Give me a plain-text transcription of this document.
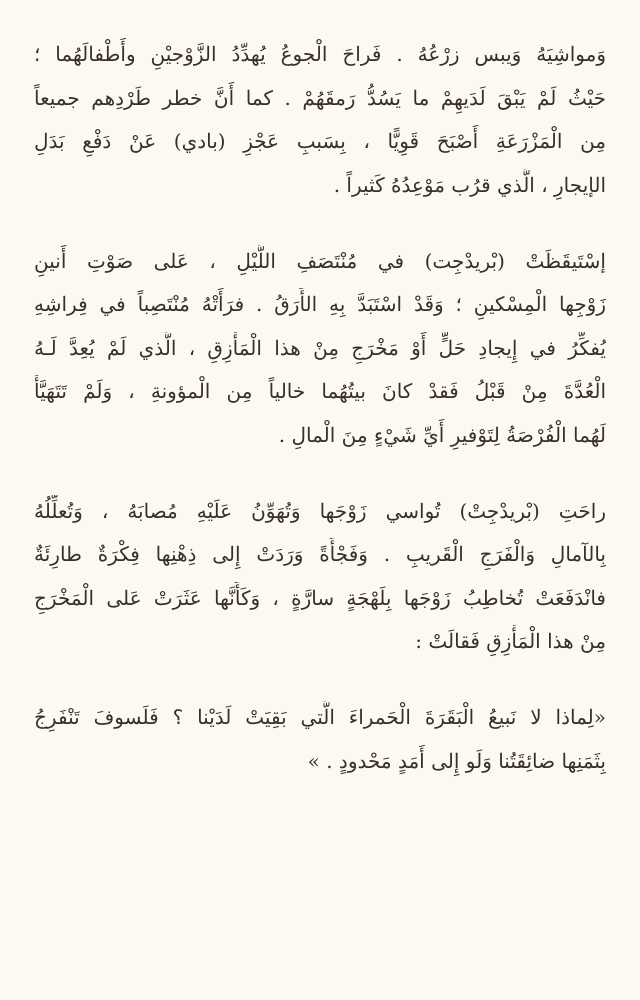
وَمواشِيَهُ وَيبس زرْعُهُ . فَراحَ الْجوعُ يُهدِّدُ الزَّوْجيْنِ وأَطْفالَهُما ؛
حَيْثُ لَمْ يَبْقَ لَدَيهِمْ ما يَسُدُّ رَمقَهُمْ . كما أَنَّ خطر طَرْدِهم جميعاً
مِن الْمَزْرَعَةِ أَصْبَحَ قَوِيًّا ، بِسَببِ عَجْزِ (بادي) عَنْ دَفْعِ بَدَلِ
الإيجارِ ، الَّذي قرُب مَوْعِدُهُ كَثيراً .
إسْتَيقَظَتْ (بْريدْجِت) في مُنْتَصَفِ اللَّيْلِ ، عَلى صَوْتِ أَنينِ
زَوْجِها الْمِسْكينِ ؛ وَقَدْ اسْتَبَدَّ بِهِ الأَرَقُ . فرَأَتْهُ مُنْتَصِباً في فِراشِهِ
يُفكِّرُ في إِيجادِ حَلٍّ أَوْ مَخْرَجٍ مِنْ هذا الْمَأْزِقِ ، الَّذي لَمْ يُعِدَّ لَـهُ
الْعُدَّةَ مِنْ قَبْلُ فَقدْ كانَ بيتُهُما خالياً مِن الْمؤونةِ ، وَلَمْ تَتَهَيَّأْ
لَهُما الْفُرْصَةُ لِتَوْفيرِ أَيِّ شَيْءٍ مِنَ الْمالِ .
راحَتِ (بْريدْجِتْ) تُواسي زَوْجَها وَتُهَوِّنُ عَلَيْهِ مُصابَهُ ، وَتُعلِّلُهُ
بِالآمالِ وَالْفَرَجِ الْقَريبِ . وَفَجْأَةً وَرَدَتْ إِلى ذِهْنِها فِكْرَةٌ طارِئَةٌ
فانْدَفَعَتْ تُخاطِبُ زَوْجَها بِلَهْجَةٍ سارَّةٍ ، وَكَأَنَّها عَثَرَتْ عَلى الْمَخْرَجِ
مِنْ هذا الْمَأْزِقِ فَقالَتْ :
«لِماذا لا نَبيعُ الْبَقَرَةَ الْحَمراءَ الَّتي بَقِيَتْ لَدَيْنا ؟ فَلَسوفَ تَنْفَرِجُ
بِثَمَنِها ضائِقَتُنا وَلَو إِلى أَمَدٍ مَحْدودٍ . »
